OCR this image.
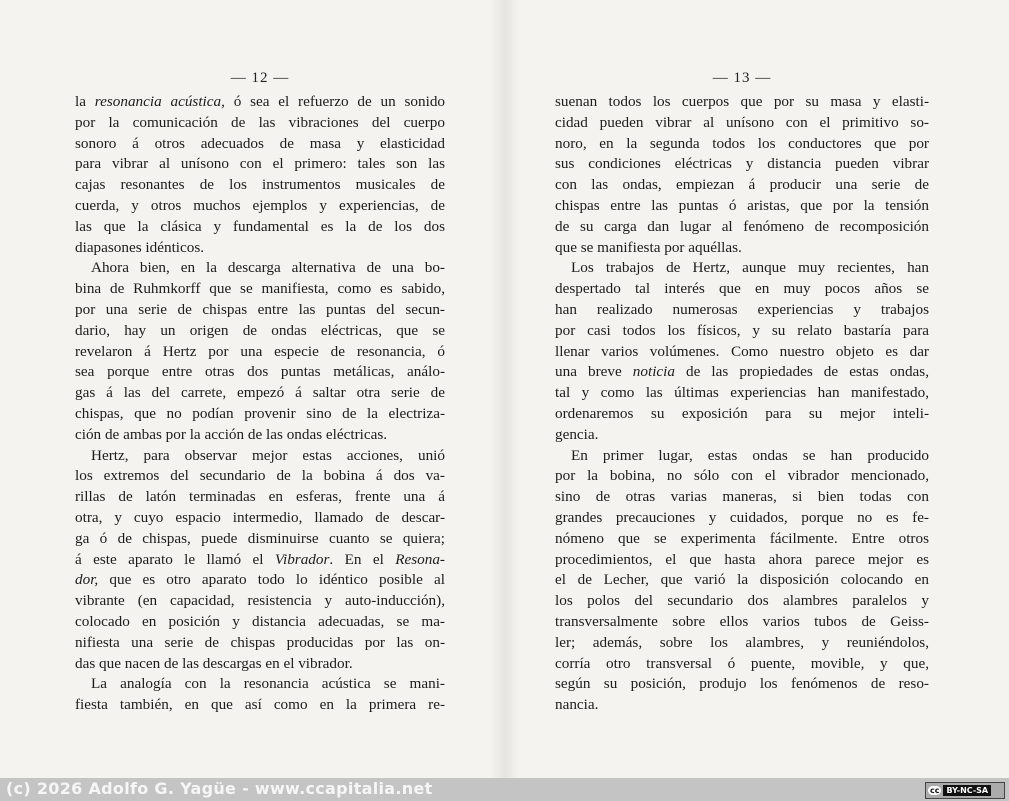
— 12 —
la resonancia acústica, ó sea el refuerzo de un sonido
por la comunicación de las vibraciones del cuerpo
sonoro á otros adecuados de masa y elasticidad
para vibrar al unísono con el primero: tales son las
cajas resonantes de los instrumentos musicales de
cuerda, y otros muchos ejemplos y experiencias, de
las que la clásica y fundamental es la de los dos
diapasones idénticos.
Ahora bien, en la descarga alternativa de una bo-
bina de Ruhmkorff que se manifiesta, como es sabido,
por una serie de chispas entre las puntas del secun-
dario, hay un origen de ondas eléctricas, que se
revelaron á Hertz por una especie de resonancia, ó
sea porque entre otras dos puntas metálicas, análo-
gas á las del carrete, empezó á saltar otra serie de
chispas, que no podían provenir sino de la electriza-
ción de ambas por la acción de las ondas eléctricas.
Hertz, para observar mejor estas acciones, unió
los extremos del secundario de la bobina á dos va-
rillas de latón terminadas en esferas, frente una á
otra, y cuyo espacio intermedio, llamado de descar-
ga ó de chispas, puede disminuirse cuanto se quiera;
á este aparato le llamó el Vibrador. En el Resona-
dor, que es otro aparato todo lo idéntico posible al
vibrante (en capacidad, resistencia y auto-inducción),
colocado en posición y distancia adecuadas, se ma-
nifiesta una serie de chispas producidas por las on-
das que nacen de las descargas en el vibrador.
La analogía con la resonancia acústica se mani-
fiesta también, en que así como en la primera re-
— 13 —
suenan todos los cuerpos que por su masa y elasti-
cidad pueden vibrar al unísono con el primitivo so-
noro, en la segunda todos los conductores que por
sus condiciones eléctricas y distancia pueden vibrar
con las ondas, empiezan á producir una serie de
chispas entre las puntas ó aristas, que por la tensión
de su carga dan lugar al fenómeno de recomposición
que se manifiesta por aquéllas.
Los trabajos de Hertz, aunque muy recientes, han
despertado tal interés que en muy pocos años se
han realizado numerosas experiencias y trabajos
por casi todos los físicos, y su relato bastaría para
llenar varios volúmenes. Como nuestro objeto es dar
una breve noticia de las propiedades de estas ondas,
tal y como las últimas experiencias han manifestado,
ordenaremos su exposición para su mejor inteli-
gencia.
En primer lugar, estas ondas se han producido
por la bobina, no sólo con el vibrador mencionado,
sino de otras varias maneras, si bien todas con
grandes precauciones y cuidados, porque no es fe-
nómeno que se experimenta fácilmente. Entre otros
procedimientos, el que hasta ahora parece mejor es
el de Lecher, que varió la disposición colocando en
los polos del secundario dos alambres paralelos y
transversalmente sobre ellos varios tubos de Geiss-
ler; además, sobre los alambres, y reuniéndolos,
corría otro transversal ó puente, movible, y que,
según su posición, produjo los fenómenos de reso-
nancia.
(c) 2026 Adolfo G. Yagüe - www.ccapitalia.net	cc BY-NC-SA
